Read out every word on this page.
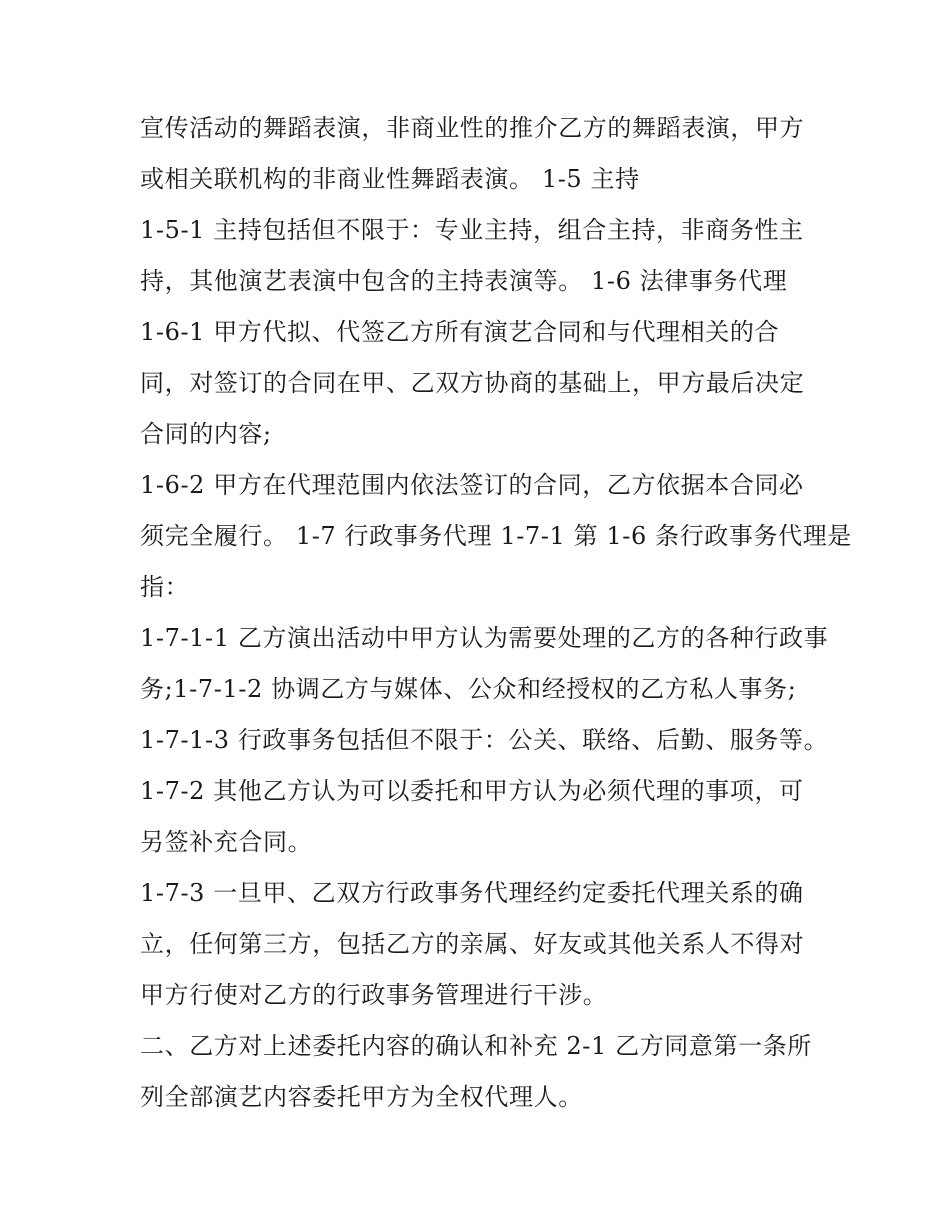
宣传活动的舞蹈表演，非商业性的推介乙方的舞蹈表演，甲方

或相关联机构的非商业性舞蹈表演。 1-5 主持

1-5-1 主持包括但不限于：专业主持，组合主持，非商务性主

持，其他演艺表演中包含的主持表演等。 1-6 法律事务代理

1-6-1 甲方代拟、代签乙方所有演艺合同和与代理相关的合

同，对签订的合同在甲、乙双方协商的基础上，甲方最后决定

合同的内容;

1-6-2 甲方在代理范围内依法签订的合同，乙方依据本合同必

须完全履行。 1-7 行政事务代理 1-7-1 第 1-6 条行政事务代理是

指：

1-7-1-1 乙方演出活动中甲方认为需要处理的乙方的各种行政事

务;1-7-1-2 协调乙方与媒体、公众和经授权的乙方私人事务;

1-7-1-3 行政事务包括但不限于：公关、联络、后勤、服务等。

1-7-2 其他乙方认为可以委托和甲方认为必须代理的事项，可

另签补充合同。

1-7-3 一旦甲、乙双方行政事务代理经约定委托代理关系的确

立，任何第三方，包括乙方的亲属、好友或其他关系人不得对

甲方行使对乙方的行政事务管理进行干涉。

二、乙方对上述委托内容的确认和补充 2-1 乙方同意第一条所

列全部演艺内容委托甲方为全权代理人。
